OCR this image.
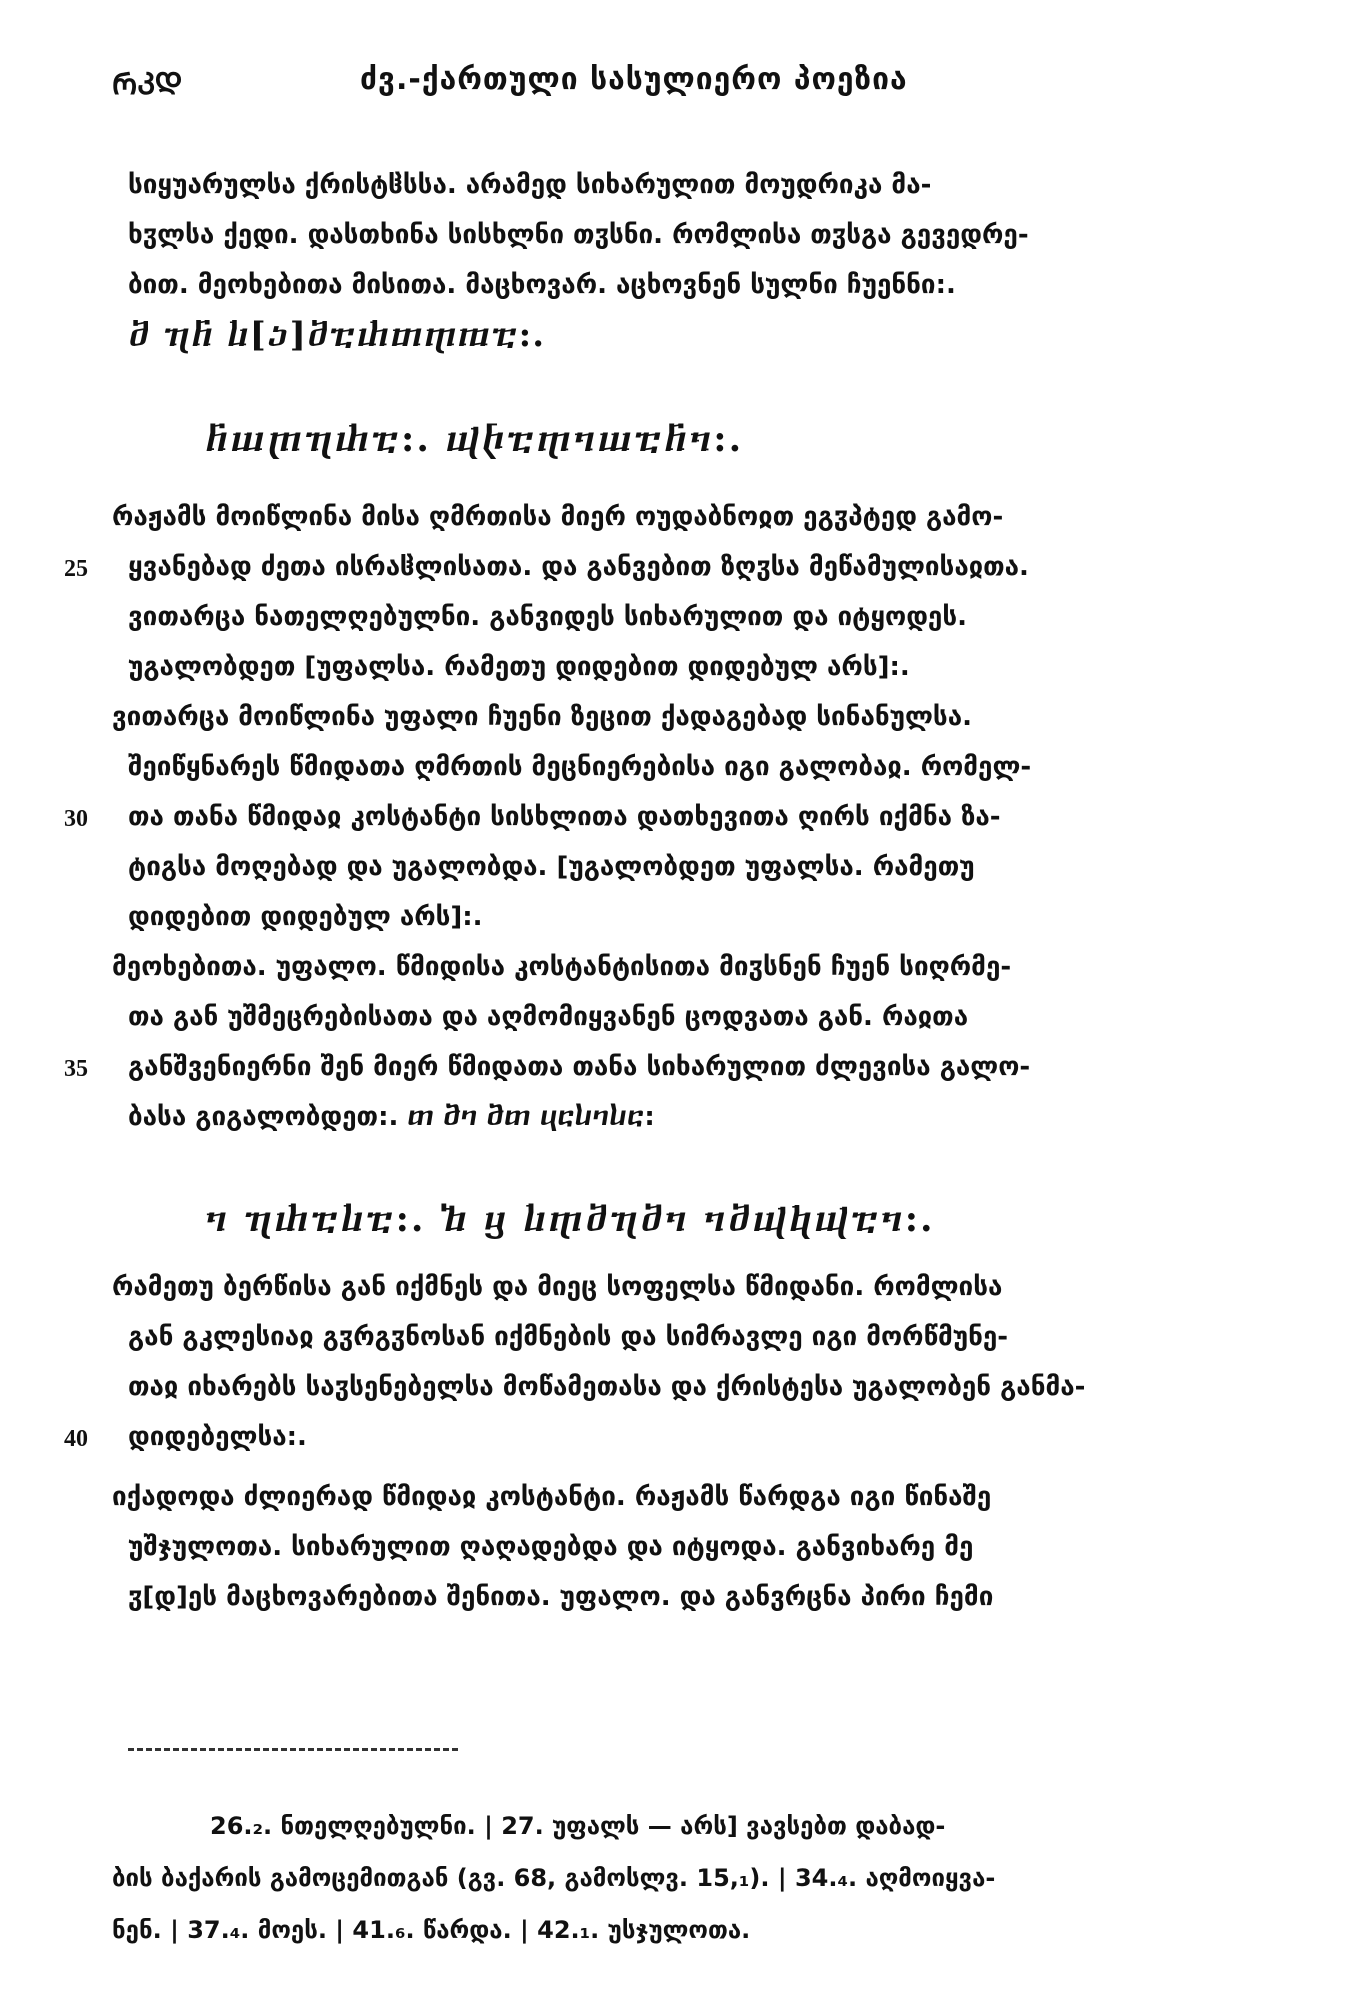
ᲠᲙᲓ	ძვ.-ქართული სასულიერო პოეზია
სიყუარულსა ქრისტჱსსა. არამედ სიხარულით მოუდრიკა მა-
ხჳლსა ქედი. დასთხინა სისხლნი თჳსნი. რომლისა თჳსგა გევედრე-
ბით. მეოხებითა მისითა. მაცხოვარ. აცხოვნენ სულნი ჩუენნი:.
ⴋ ⴄⴌ ⴑ[ⴢ]ⴋⴀⴐⴇⴅⴊⴀ:.
ⴌⴍⴜⴄⴐⴀ:. ⴓⴡⴀⴅⴈⴍⴀⴌⴈ:.
რაჟამს მოიწლინა მისა ღმრთისა მიერ ოუდაბნოჲთ ეგჳპტედ გამო-
ყვანებად ძეთა ისრაჱლისათა. და განვებით ზღჳსა მეწამულისაჲთა.
ვითარცა ნათელღებულნი. განვიდეს სიხარულით და იტყოდეს.
უგალობდეთ [უფალსა. რამეთუ დიდებით დიდებულ არს]:.
ვითარცა მოიწლინა უფალი ჩუენი ზეცით ქადაგებად სინანულსა.
შეიწყნარეს წმიდათა ღმრთის მეცნიერებისა იგი გალობაჲ. რომელ-
თა თანა წმიდაჲ კოსტანტი სისხლითა დათხევითა ღირს იქმნა ზა-
ტიგსა მოღებად და უგალობდა. [უგალობდეთ უფალსა. რამეთუ
დიდებით დიდებულ არს]:.
მეოხებითა. უფალო. წმიდისა კოსტანტისითა მიჳსნენ ჩუენ სიღრმე-
თა გან უშმეცრებისათა და აღმომიყვანენ ცოდვათა გან. რაჲთა
განშვენიერნი შენ მიერ წმიდათა თანა სიხარულით ძლევისა გალო-
ბასა გიგალობდეთ:. ⴇ ⴋⴈ ⴋⴇ ⴗⴀⴑⴈⴑⴀ:
25
30
35
ⴈ ⴄⴐⴀⴑⴀ:. ⴆ ⴁ ⴑⴅⴋⴄⴋⴈ ⴈⴋⴓⴉⴓⴀⴈ:.
რამეთუ ბერწისა გან იქმნეს და მიეც სოფელსა წმიდანი. რომლისა
გან გკლესიაჲ გჳრგჳნოსან იქმნების და სიმრავლე იგი მორწმუნე-
თაჲ იხარებს საჳსენებელსა მოწამეთასა და ქრისტესა უგალობენ განმა-
დიდებელსა:.
იქადოდა ძლიერად წმიდაჲ კოსტანტი. რაჟამს წარდგა იგი წინაშე
უშჯულოთა. სიხარულით ღაღადებდა და იტყოდა. განვიხარე მე
ჳ[დ]ეს მაცხოვარებითა შენითა. უფალო. და განვრცნა პირი ჩემი
40
26.₂. ნთელღებულნი. | 27. უფალს — არს] ვავსებთ დაბად-
ბის ბაქარის გამოცემითგან (გვ. 68, გამოსლვ. 15,₁). | 34.₄. აღმოიყვა-
ნენ. | 37.₄. მოეს. | 41.₆. წარდა. | 42.₁. უსჯულოთა.
